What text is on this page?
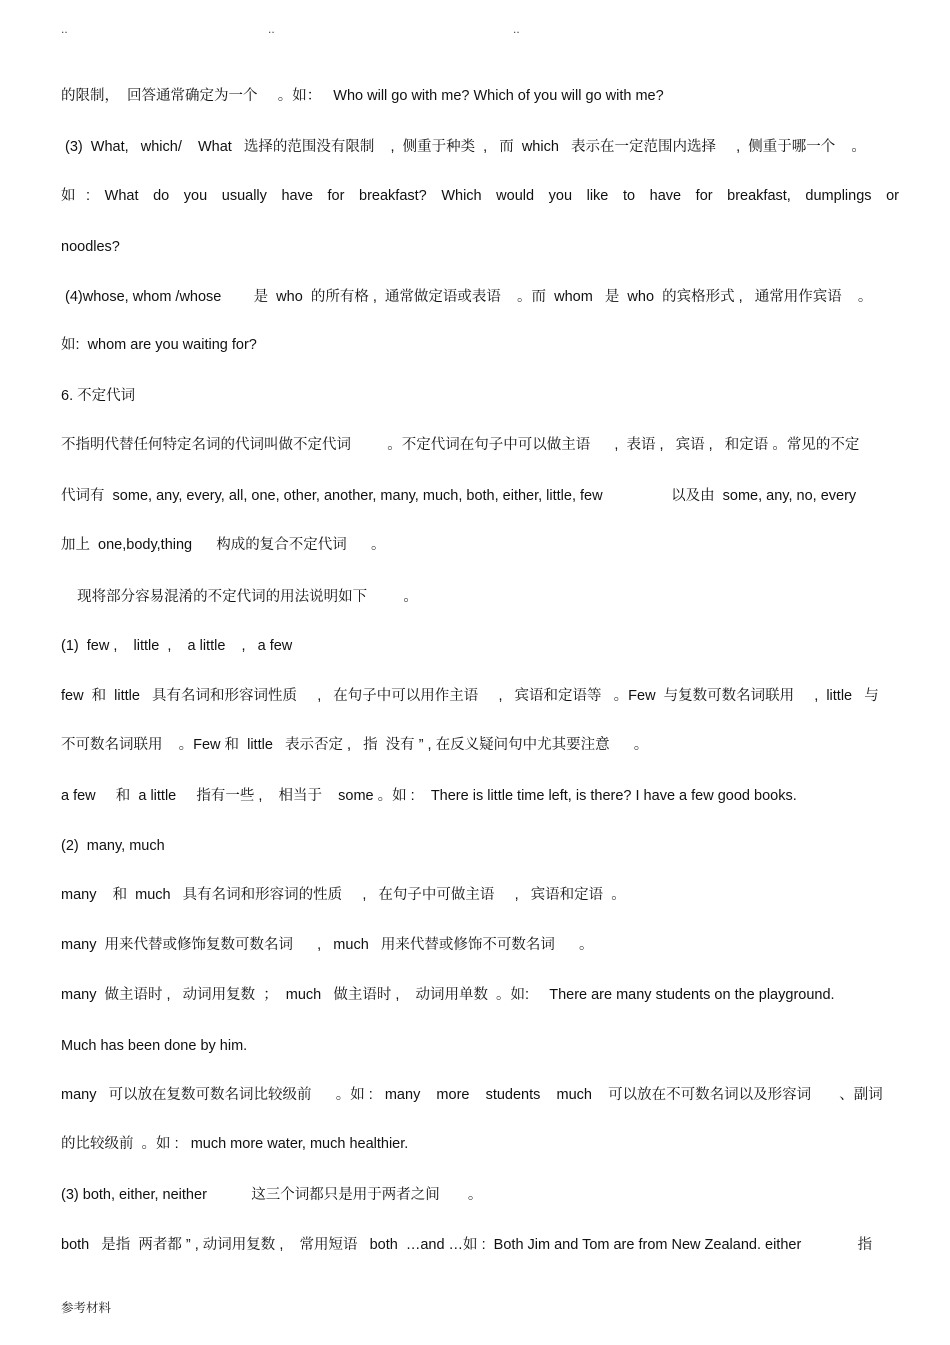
..	..	..
的限制，  回答通常确定为一个     。如：   Who will go with me? Which of you will go with me?
(3)  What,   which/    What   选择的范围没有限制    ,  侧重于种类  ,   而  which   表示在一定范围内选择     ,  侧重于哪一个    。
如: What do you usually have for breakfast? Which would you like to have for breakfast, dumplings or
noodles?
(4)whose, whom /whose        是  who  的所有格 ,  通常做定语或表语    。而  whom   是  who  的宾格形式 ,   通常用作宾语    。
如:  whom are you waiting for?
6. 不定代词
不指明代替任何特定名词的代词叫做不定代词         。不定代词在句子中可以做主语      ,  表语 ,   宾语 ,   和定语 。常见的不定
代词有  some, any, every, all, one, other, another, many, much, both, either, little, few                 以及由  some, any, no, every
加上  one,body,thing      构成的复合不定代词      。
现将部分容易混淆的不定代词的用法说明如下         。
(1)  few ,    little  ,    a little    ,   a few
few  和  little   具有名词和形容词性质     ,   在句子中可以用作主语     ,   宾语和定语等   。Few  与复数可数名词联用     ,  little   与
不可数名词联用    。Few 和  little   表示否定 ,   指  没有 ” , 在反义疑问句中尤其要注意      。
a few     和  a little     指有一些 ,    相当于    some 。如 :    There is little time left, is there? I have a few good books.
(2)  many, much
many    和  much   具有名词和形容词的性质     ,   在句子中可做主语     ,   宾语和定语  。
many  用来代替或修饰复数可数名词      ,   much   用来代替或修饰不可数名词      。
many  做主语时 ,   动词用复数  ；  much   做主语时 ,    动词用单数  。如:     There are many students on the playground.
Much has been done by him.
many   可以放在复数可数名词比较级前      。如 :   many    more    students    much    可以放在不可数名词以及形容词       、副词
的比较级前  。如 :   much more water, much healthier.
(3) both, either, neither           这三个词都只是用于两者之间       。
both   是指  两者都 ” , 动词用复数 ,    常用短语   both  …and …如 :  Both Jim and Tom are from New Zealand. either              指
参考材料
